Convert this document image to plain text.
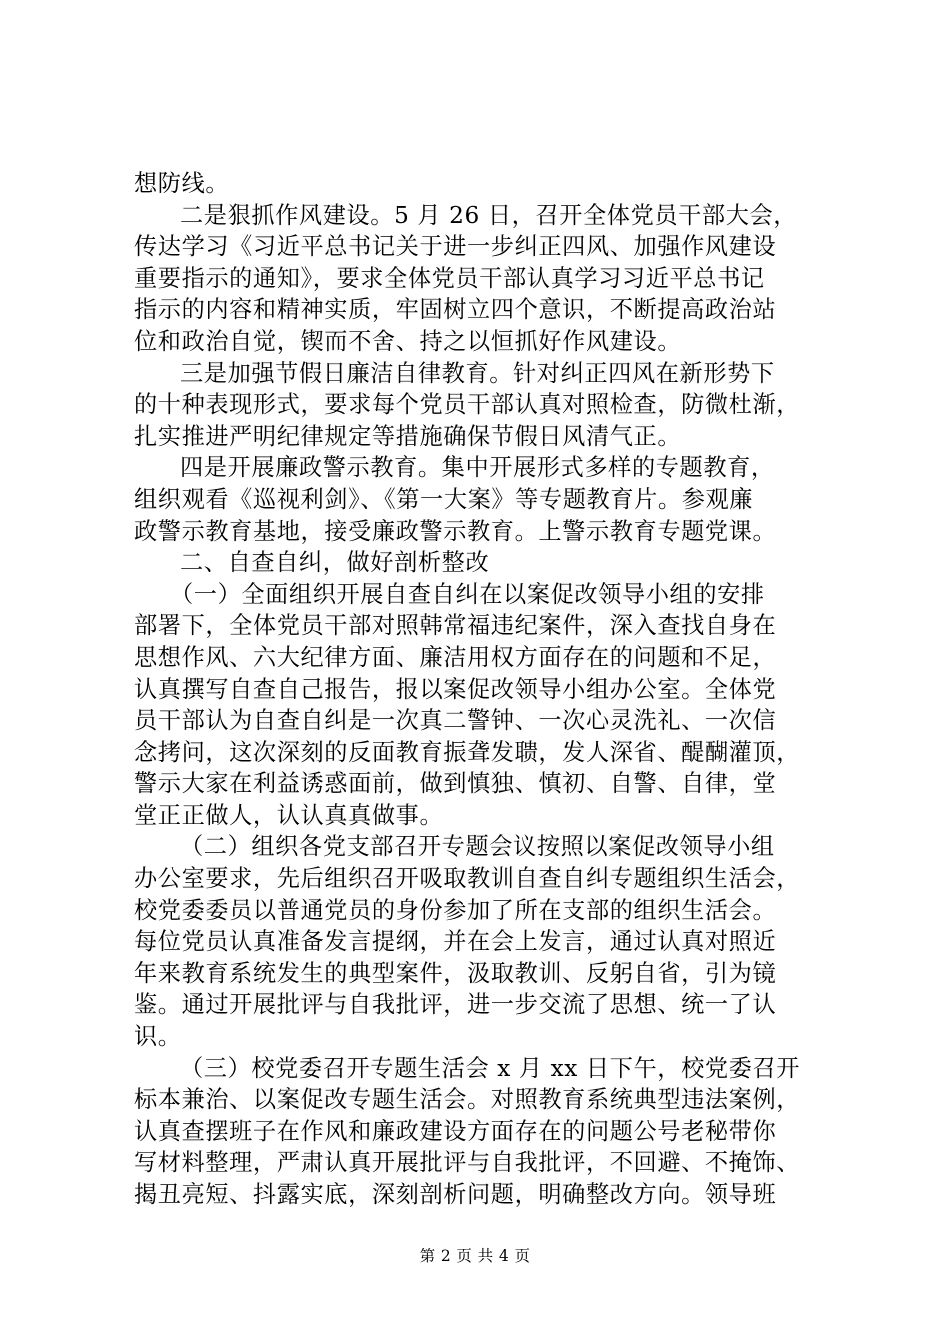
想防线。
二是狠抓作风建设。5 月 26 日，召开全体党员干部大会，
传达学习《习近平总书记关于进一步纠正四风、加强作风建设
重要指示的通知》，要求全体党员干部认真学习习近平总书记
指示的内容和精神实质，牢固树立四个意识，不断提高政治站
位和政治自觉，锲而不舍、持之以恒抓好作风建设。
三是加强节假日廉洁自律教育。针对纠正四风在新形势下
的十种表现形式，要求每个党员干部认真对照检查，防微杜渐，
扎实推进严明纪律规定等措施确保节假日风清气正。
四是开展廉政警示教育。集中开展形式多样的专题教育，
组织观看《巡视利剑》、《第一大案》等专题教育片。参观廉
政警示教育基地，接受廉政警示教育。上警示教育专题党课。
二、自查自纠，做好剖析整改
（一）全面组织开展自查自纠在以案促改领导小组的安排
部署下，全体党员干部对照韩常福违纪案件，深入查找自身在
思想作风、六大纪律方面、廉洁用权方面存在的问题和不足，
认真撰写自查自己报告，报以案促改领导小组办公室。全体党
员干部认为自查自纠是一次真二警钟、一次心灵洗礼、一次信
念拷问，这次深刻的反面教育振聋发聩，发人深省、醍醐灌顶，
警示大家在利益诱惑面前，做到慎独、慎初、自警、自律，堂
堂正正做人，认认真真做事。
（二）组织各党支部召开专题会议按照以案促改领导小组
办公室要求，先后组织召开吸取教训自查自纠专题组织生活会，
校党委委员以普通党员的身份参加了所在支部的组织生活会。
每位党员认真准备发言提纲，并在会上发言，通过认真对照近
年来教育系统发生的典型案件，汲取教训、反躬自省，引为镜
鉴。通过开展批评与自我批评，进一步交流了思想、统一了认
识。
（三）校党委召开专题生活会 x 月 xx 日下午，校党委召开
标本兼治、以案促改专题生活会。对照教育系统典型违法案例，
认真查摆班子在作风和廉政建设方面存在的问题公号老秘带你
写材料整理，严肃认真开展批评与自我批评，不回避、不掩饰、
揭丑亮短、抖露实底，深刻剖析问题，明确整改方向。领导班
第 2 页 共 4 页
